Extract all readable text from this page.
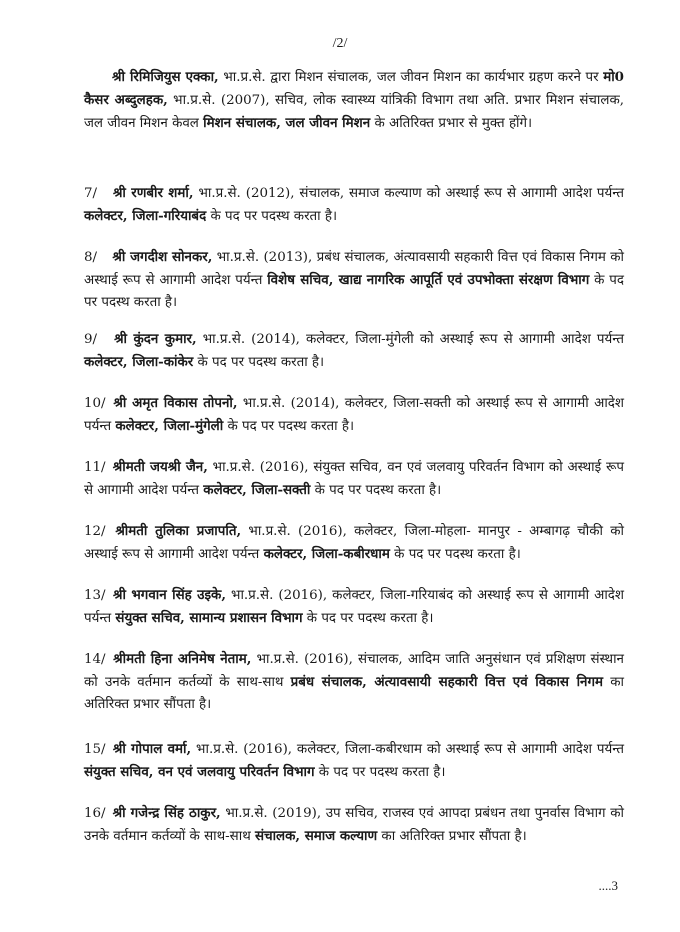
/2/

श्री रिमिजियुस एक्का, भा.प्र.से. द्वारा मिशन संचालक, जल जीवन मिशन का कार्यभार ग्रहण करने पर मो0 कैसर अब्दुलहक, भा.प्र.से. (2007), सचिव, लोक स्वास्थ्य यांत्रिकी विभाग तथा अति. प्रभार मिशन संचालक, जल जीवन मिशन केवल मिशन संचालक, जल जीवन मिशन के अतिरिक्त प्रभार से मुक्त होंगे।

7/ श्री रणबीर शर्मा, भा.प्र.से. (2012), संचालक, समाज कल्याण को अस्थाई रूप से आगामी आदेश पर्यन्त कलेक्टर, जिला-गरियाबंद के पद पर पदस्थ करता है।

8/ श्री जगदीश सोनकर, भा.प्र.से. (2013), प्रबंध संचालक, अंत्यावसायी सहकारी वित्त एवं विकास निगम को अस्थाई रूप से आगामी आदेश पर्यन्त विशेष सचिव, खाद्य नागरिक आपूर्ति एवं उपभोक्ता संरक्षण विभाग के पद पर पदस्थ करता है।

9/ श्री कुंदन कुमार, भा.प्र.से. (2014), कलेक्टर, जिला-मुंगेली को अस्थाई रूप से आगामी आदेश पर्यन्त कलेक्टर, जिला-कांकेर के पद पर पदस्थ करता है।

10/ श्री अमृत विकास तोपनो, भा.प्र.से. (2014), कलेक्टर, जिला-सक्ती को अस्थाई रूप से आगामी आदेश पर्यन्त कलेक्टर, जिला-मुंगेली के पद पर पदस्थ करता है।

11/ श्रीमती जयश्री जैन, भा.प्र.से. (2016), संयुक्त सचिव, वन एवं जलवायु परिवर्तन विभाग को अस्थाई रूप से आगामी आदेश पर्यन्त कलेक्टर, जिला-सक्ती के पद पर पदस्थ करता है।

12/ श्रीमती तुलिका प्रजापति, भा.प्र.से. (2016), कलेक्टर, जिला-मोहला- मानपुर - अम्बागढ़ चौकी को अस्थाई रूप से आगामी आदेश पर्यन्त कलेक्टर, जिला-कबीरधाम के पद पर पदस्थ करता है।

13/ श्री भगवान सिंह उइके, भा.प्र.से. (2016), कलेक्टर, जिला-गरियाबंद को अस्थाई रूप से आगामी आदेश पर्यन्त संयुक्त सचिव, सामान्य प्रशासन विभाग के पद पर पदस्थ करता है।

14/ श्रीमती हिना अनिमेष नेताम, भा.प्र.से. (2016), संचालक, आदिम जाति अनुसंधान एवं प्रशिक्षण संस्थान को उनके वर्तमान कर्तव्यों के साथ-साथ प्रबंध संचालक, अंत्यावसायी सहकारी वित्त एवं विकास निगम का अतिरिक्त प्रभार सौंपता है।

15/ श्री गोपाल वर्मा, भा.प्र.से. (2016), कलेक्टर, जिला-कबीरधाम को अस्थाई रूप से आगामी आदेश पर्यन्त संयुक्त सचिव, वन एवं जलवायु परिवर्तन विभाग के पद पर पदस्थ करता है।

16/ श्री गजेन्द्र सिंह ठाकुर, भा.प्र.से. (2019), उप सचिव, राजस्व एवं आपदा प्रबंधन तथा पुनर्वास विभाग को उनके वर्तमान कर्तव्यों के साथ-साथ संचालक, समाज कल्याण का अतिरिक्त प्रभार सौंपता है।

....3
